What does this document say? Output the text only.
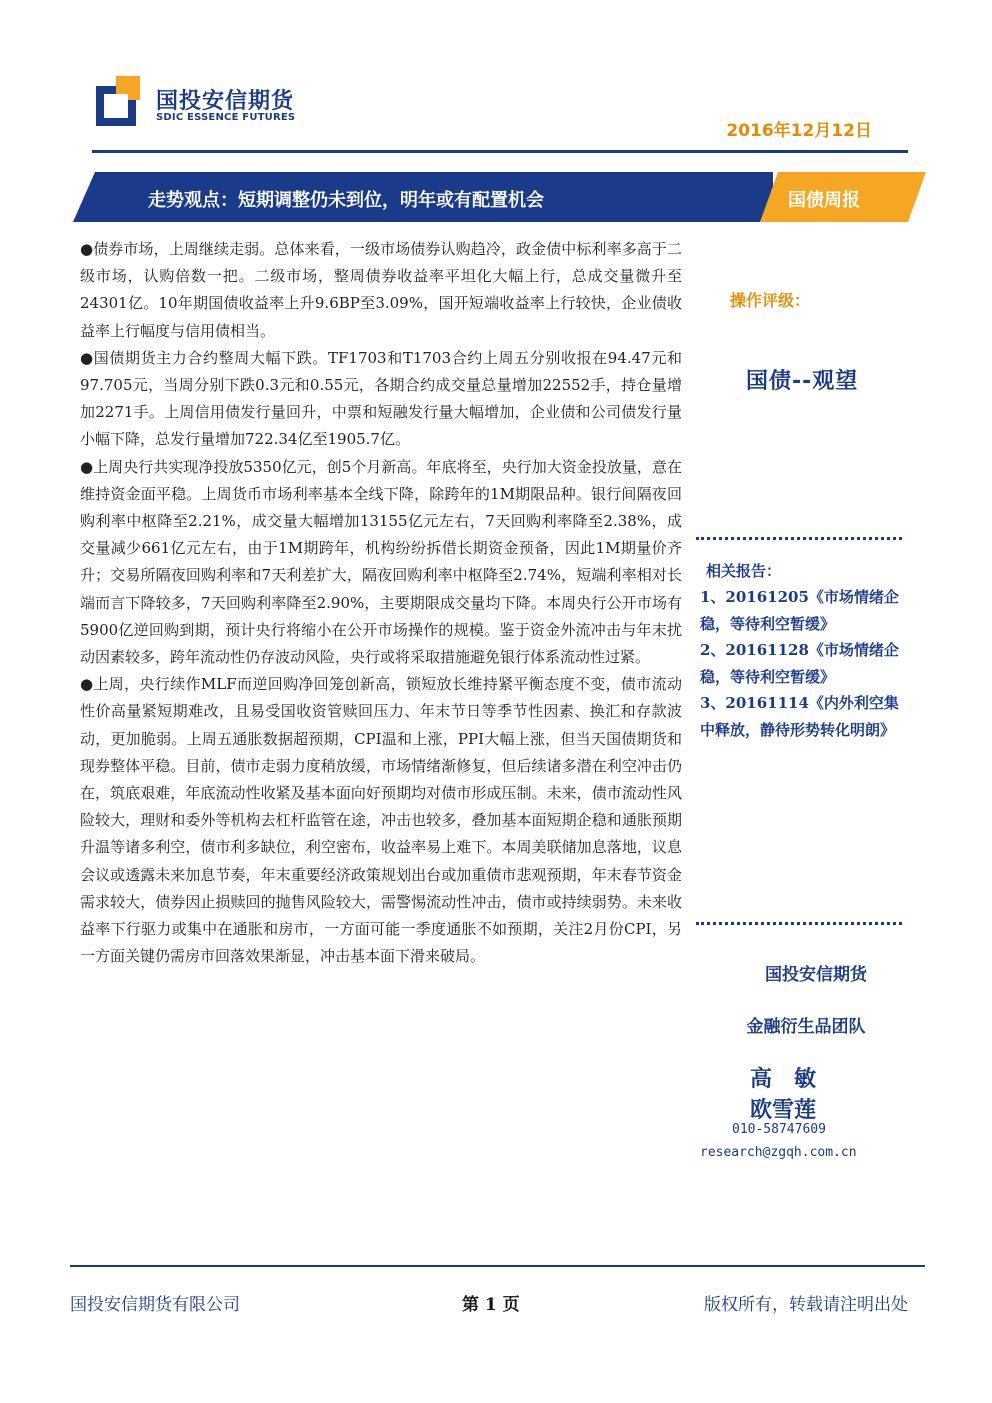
国投安信期货
SDIC ESSENCE FUTURES
2016年12月12日
走势观点：短期调整仍未到位，明年或有配置机会	国债周报

●债券市场，上周继续走弱。总体来看，一级市场债券认购趋冷，政金债中标利率多高于二级市场，认购倍数一把。二级市场，整周债券收益率平坦化大幅上行，总成交量微升至24301亿。10年期国债收益率上升9.6BP至3.09%，国开短端收益率上行较快，企业债收益率上行幅度与信用债相当。

●国债期货主力合约整周大幅下跌。TF1703和T1703合约上周五分别收报在94.47元和97.705元，当周分别下跌0.3元和0.55元，各期合约成交量总量增加22552手，持仓量增加2271手。上周信用债发行量回升，中票和短融发行量大幅增加，企业债和公司债发行量小幅下降，总发行量增加722.34亿至1905.7亿。

●上周央行共实现净投放5350亿元，创5个月新高。年底将至，央行加大资金投放量，意在维持资金面平稳。上周货币市场利率基本全线下降，除跨年的1M期限品种。银行间隔夜回购利率中枢降至2.21%，成交量大幅增加13155亿元左右，7天回购利率降至2.38%，成交量减少661亿元左右，由于1M期跨年，机构纷纷拆借长期资金预备，因此1M期量价齐升；交易所隔夜回购利率和7天利差扩大，隔夜回购利率中枢降至2.74%，短端利率相对长端而言下降较多，7天回购利率降至2.90%，主要期限成交量均下降。本周央行公开市场有5900亿逆回购到期，预计央行将缩小在公开市场操作的规模。鉴于资金外流冲击与年末扰动因素较多，跨年流动性仍存波动风险，央行或将采取措施避免银行体系流动性过紧。

●上周，央行续作MLF而逆回购净回笼创新高，锁短放长维持紧平衡态度不变，债市流动性价高量紧短期难改，且易受国收资管赎回压力、年末节日等季节性因素、换汇和存款波动，更加脆弱。上周五通胀数据超预期，CPI温和上涨，PPI大幅上涨，但当天国债期货和现券整体平稳。目前，债市走弱力度稍放缓，市场情绪渐修复，但后续诸多潜在利空冲击仍在，筑底艰难，年底流动性收紧及基本面向好预期均对债市形成压制。未来，债市流动性风险较大，理财和委外等机构去杠杆监管在途，冲击也较多，叠加基本面短期企稳和通胀预期升温等诸多利空，债市利多缺位，利空密布，收益率易上难下。本周美联储加息落地，议息会议或透露未来加息节奏，年末重要经济政策规划出台或加重债市悲观预期，年末春节资金需求较大，债券因止损赎回的抛售风险较大，需警惕流动性冲击，债市或持续弱势。未来收益率下行驱力或集中在通胀和房市，一方面可能一季度通胀不如预期，关注2月份CPI，另一方面关键仍需房市回落效果渐显，冲击基本面下滑来破局。

操作评级：
国债--观望
相关报告：

1、20161205《市场情绪企稳，等待利空暂缓》

2、20161128《市场情绪企稳，等待利空暂缓》

3、20161114《内外利空集中释放，静待形势转化明朗》

国投安信期货
金融衍生品团队
高　敏
欧雪莲
010-58747609
research@zgqh.com.cn
国投安信期货有限公司	第 1 页	版权所有，转载请注明出处
